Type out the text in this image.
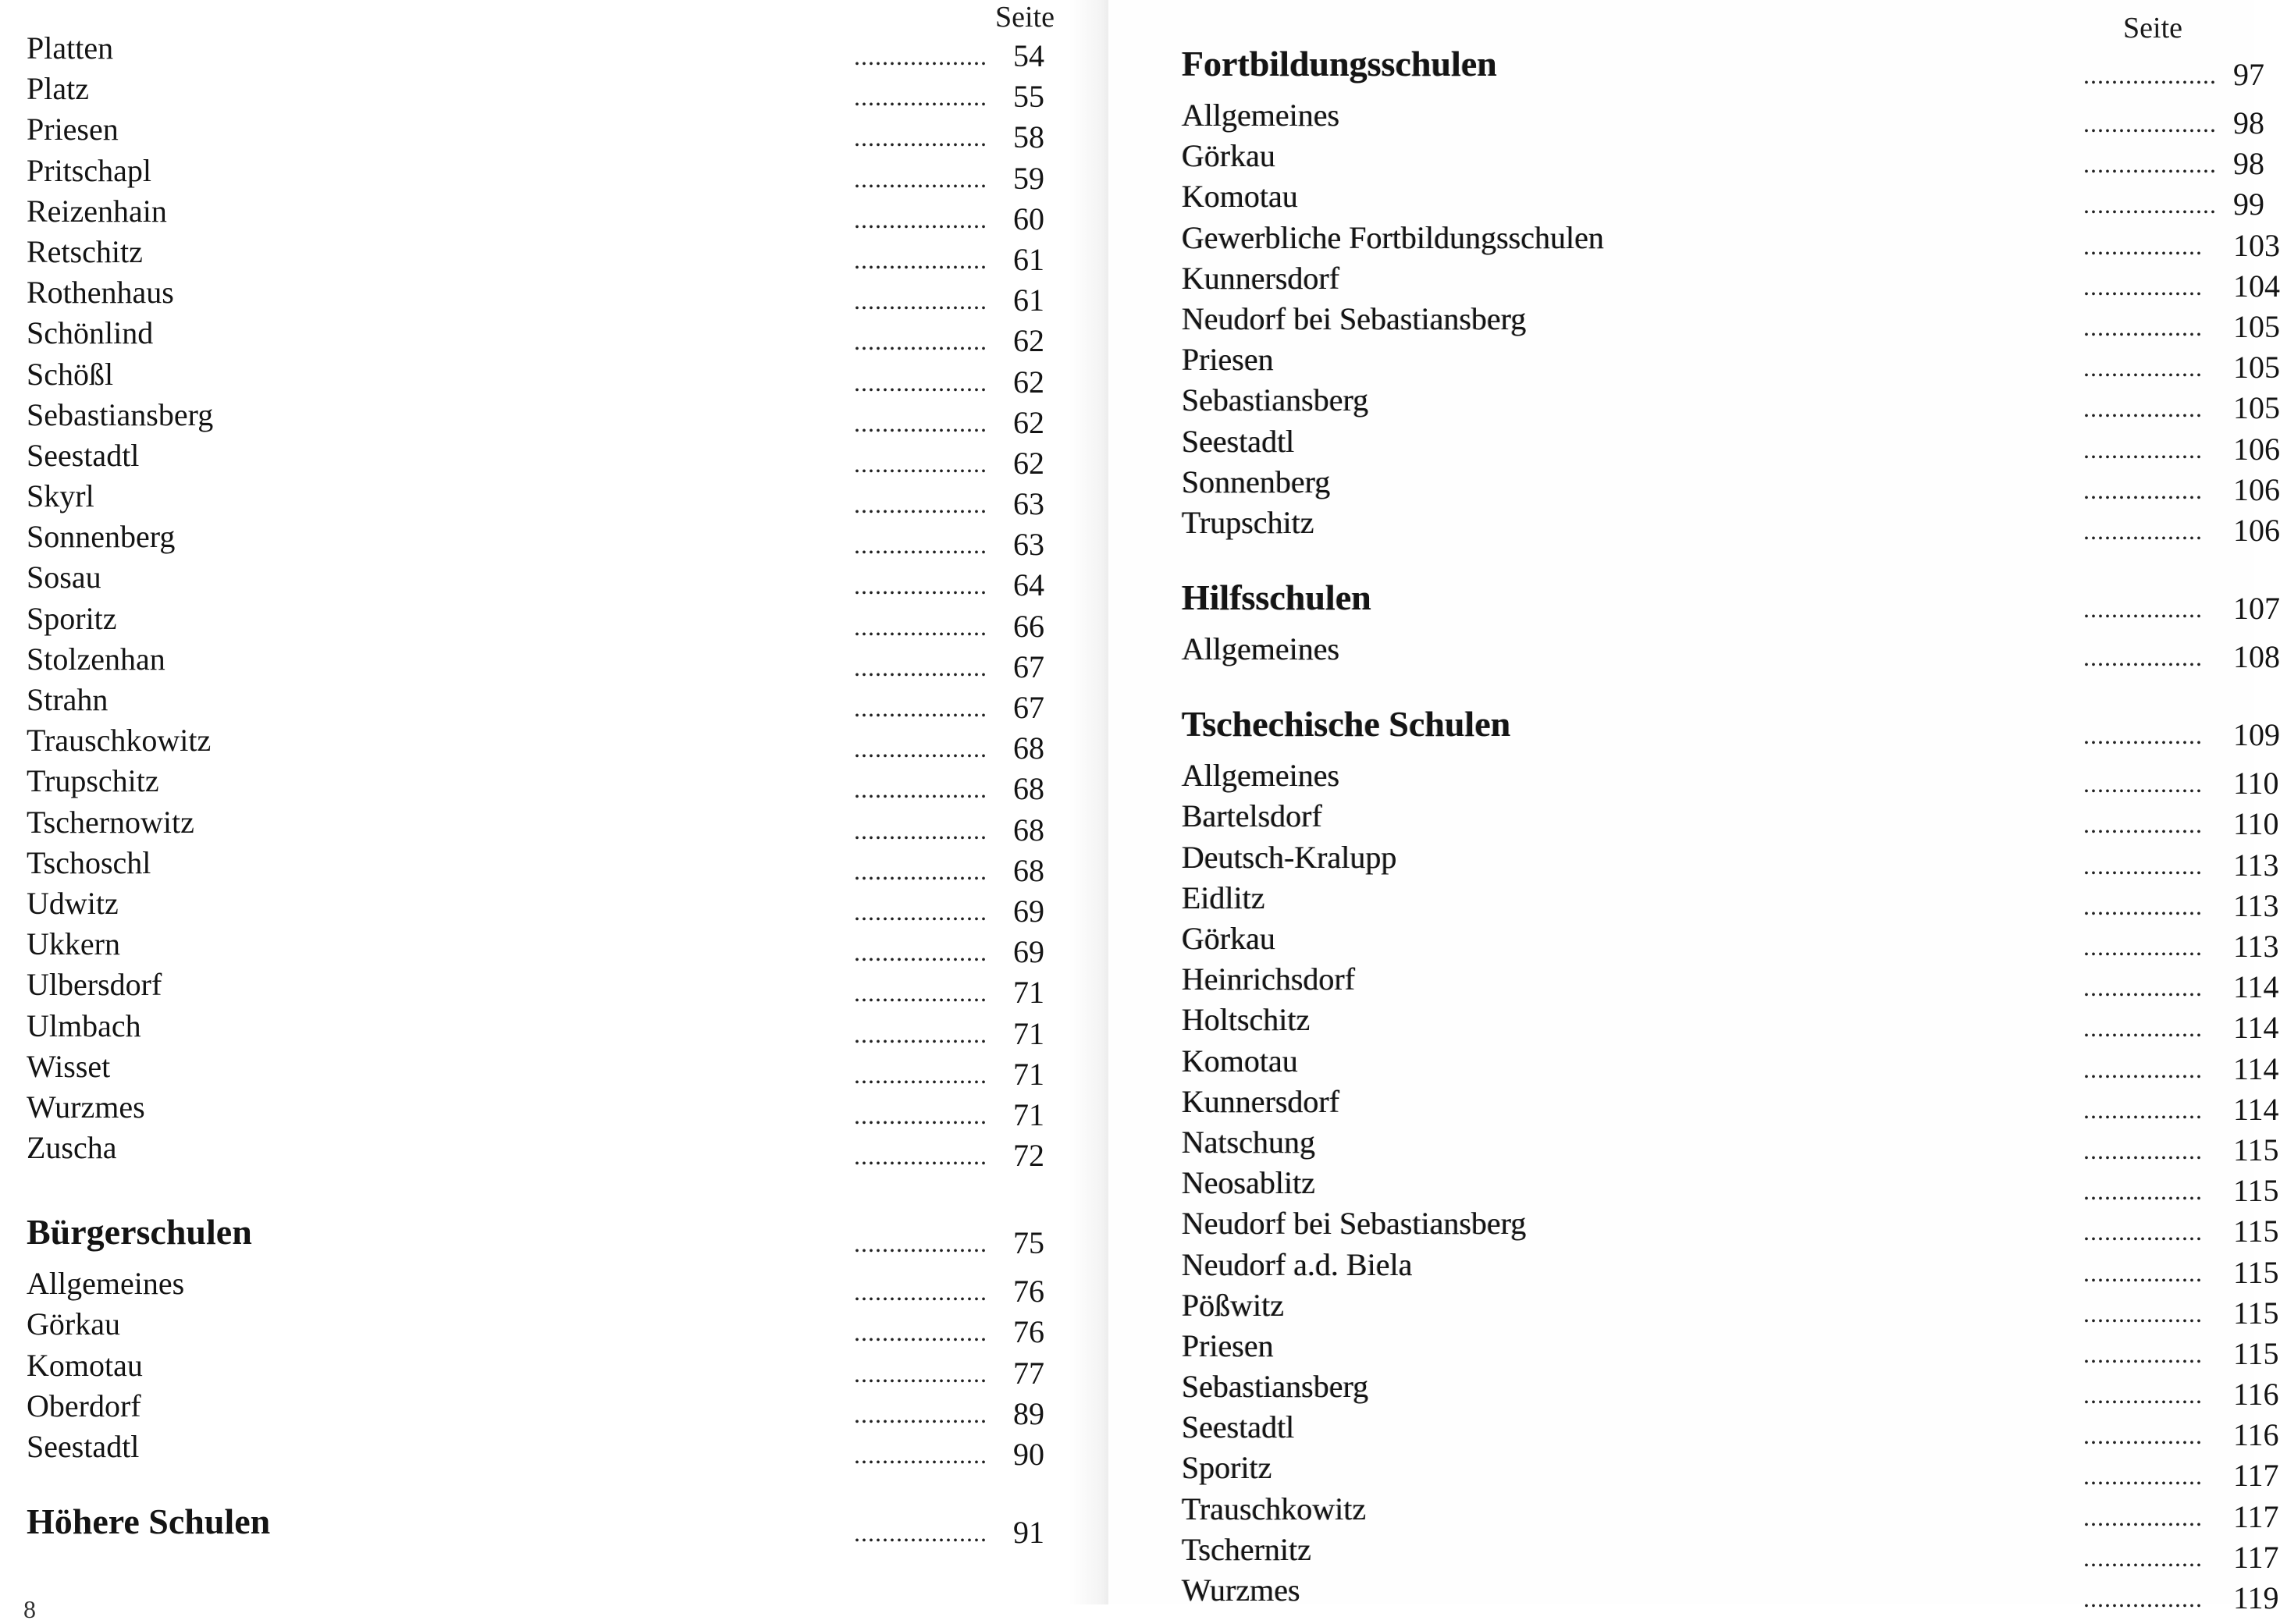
Seite
Platten	................... 54
Platz	................... 55
Priesen	................... 58
Pritschapl	................... 59
Reizenhain	................... 60
Retschitz	................... 61
Rothenhaus	................... 61
Schönlind	................... 62
Schößl	................... 62
Sebastiansberg	................... 62
Seestadtl	................... 62
Skyrl	................... 63
Sonnenberg	................... 63
Sosau	................... 64
Sporitz	................... 66
Stolzenhan	................... 67
Strahn	................... 67
Trauschkowitz	................... 68
Trupschitz	................... 68
Tschernowitz	................... 68
Tschoschl	................... 68
Udwitz	................... 69
Ukkern	................... 69
Ulbersdorf	................... 71
Ulmbach	................... 71
Wisset	................... 71
Wurzmes	................... 71
Zuscha	................... 72
Bürgerschulen	................... 75
Allgemeines	................... 76
Görkau	................... 76
Komotau	................... 77
Oberdorf	................... 89
Seestadtl	................... 90
Höhere Schulen	................... 91
8
Seite
Fortbildungsschulen	................... 97
Allgemeines	................... 98
Görkau	................... 98
Komotau	................... 99
Gewerbliche Fortbildungsschulen	................. 103
Kunnersdorf	................. 104
Neudorf bei Sebastiansberg	................. 105
Priesen	................. 105
Sebastiansberg	................. 105
Seestadtl	................. 106
Sonnenberg	................. 106
Trupschitz	................. 106
Hilfsschulen	................. 107
Allgemeines	................. 108
Tschechische Schulen	................. 109
Allgemeines	................. 110
Bartelsdorf	................. 110
Deutsch-Kralupp	................. 113
Eidlitz	................. 113
Görkau	................. 113
Heinrichsdorf	................. 114
Holtschitz	................. 114
Komotau	................. 114
Kunnersdorf	................. 114
Natschung	................. 115
Neosablitz	................. 115
Neudorf bei Sebastiansberg	................. 115
Neudorf a.d. Biela	................. 115
Pößwitz	................. 115
Priesen	................. 115
Sebastiansberg	................. 116
Seestadtl	................. 116
Sporitz	................. 117
Trauschkowitz	................. 117
Tschernitz	................. 117
Wurzmes	................. 119
